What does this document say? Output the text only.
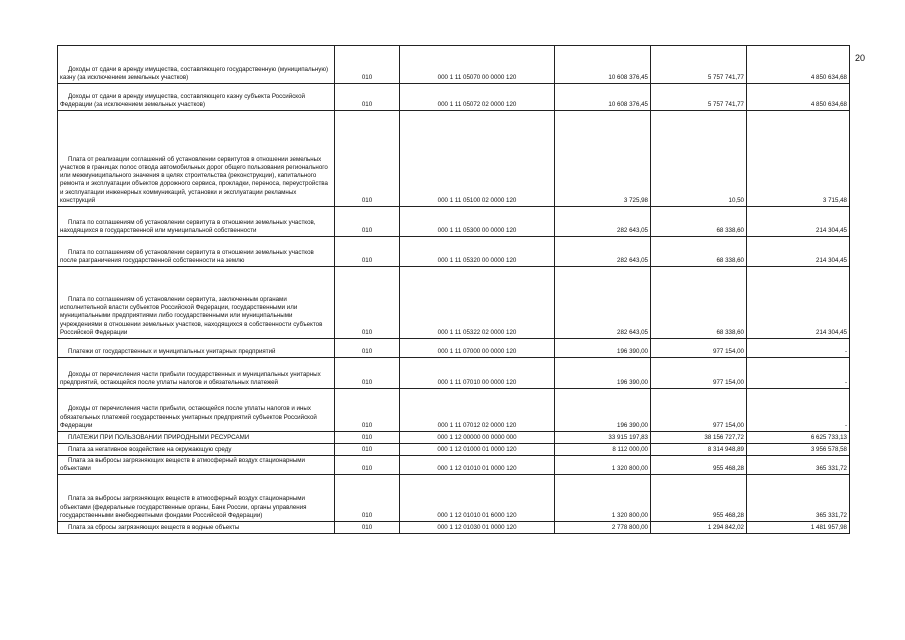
20
Доходы от сдачи в аренду имущества, составляющего государственную (муниципальную) казну (за исключением земельных участков)	010	000 1 11 05070 00 0000 120	10 608 376,45	5 757 741,77	4 850 634,68
Доходы от сдачи в аренду имущества, составляющего казну субъекта Российской Федерации (за исключением земельных участков)	010	000 1 11 05072 02 0000 120	10 608 376,45	5 757 741,77	4 850 634,68
Плата от реализации соглашений об установлении сервитутов в отношении земельных участков в границах полос отвода автомобильных дорог общего пользования регионального или межмуниципального значения в целях строительства (реконструкции), капитального ремонта и эксплуатации объектов дорожного сервиса, прокладки, переноса, переустройства и эксплуатации инженерных коммуникаций, установки и эксплуатации рекламных конструкций	010	000 1 11 05100 02 0000 120	3 725,98	10,50	3 715,48
Плата по соглашениям об установлении сервитута в отношении земельных участков, находящихся в государственной или муниципальной собственности	010	000 1 11 05300 00 0000 120	282 643,05	68 338,60	214 304,45
Плата по соглашениям об установлении сервитута в отношении земельных участков после разграничения государственной собственности на землю	010	000 1 11 05320 00 0000 120	282 643,05	68 338,60	214 304,45
Плата по соглашениям об установлении сервитута, заключенным органами исполнительной власти субъектов Российской Федерации, государственными или муниципальными предприятиями либо государственными или муниципальными учреждениями в отношении земельных участков, находящихся в собственности субъектов Российской Федерации	010	000 1 11 05322 02 0000 120	282 643,05	68 338,60	214 304,45
Платежи от государственных и муниципальных унитарных предприятий	010	000 1 11 07000 00 0000 120	196 390,00	977 154,00	-
Доходы от перечисления части прибыли государственных и муниципальных унитарных предприятий, остающейся после уплаты налогов и обязательных платежей	010	000 1 11 07010 00 0000 120	196 390,00	977 154,00	-
Доходы от перечисления части прибыли, остающейся после уплаты налогов и иных обязательных платежей государственных унитарных предприятий субъектов Российской Федерации	010	000 1 11 07012 02 0000 120	196 390,00	977 154,00	-
ПЛАТЕЖИ ПРИ ПОЛЬЗОВАНИИ ПРИРОДНЫМИ РЕСУРСАМИ	010	000 1 12 00000 00 0000 000	33 915 197,83	38 156 727,72	6 625 733,13
Плата за негативное воздействие на окружающую среду	010	000 1 12 01000 01 0000 120	8 112 000,00	8 314 948,89	3 956 578,58
Плата за выбросы загрязняющих веществ в атмосферный воздух стационарными объектами	010	000 1 12 01010 01 0000 120	1 320 800,00	955 468,28	365 331,72
Плата за выбросы загрязняющих веществ в атмосферный воздух стационарными объектами (федеральные государственные органы, Банк России, органы управления государственными внебюджетными фондами Российской Федерации)	010	000 1 12 01010 01 6000 120	1 320 800,00	955 468,28	365 331,72
Плата за сбросы загрязняющих веществ в водные объекты	010	000 1 12 01030 01 0000 120	2 778 800,00	1 294 842,02	1 481 957,98
